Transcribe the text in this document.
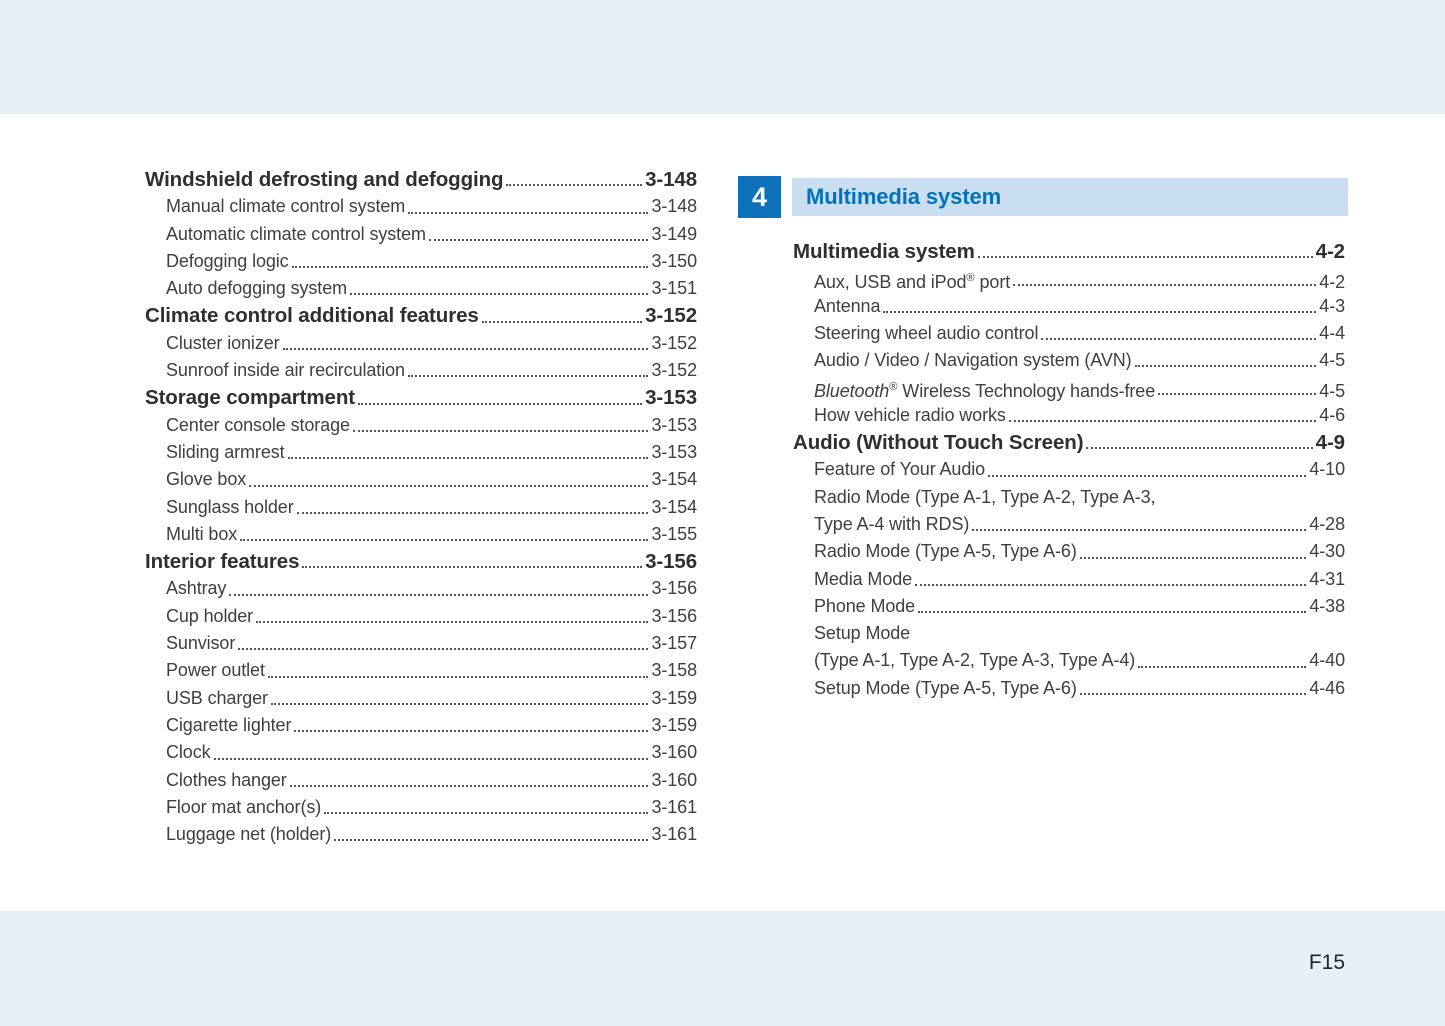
4 Multimedia system
Windshield defrosting and defogging	3-148
Manual climate control system	3-148
Automatic climate control system	3-149
Defogging logic	3-150
Auto defogging system	3-151
Climate control additional features	3-152
Cluster ionizer	3-152
Sunroof inside air recirculation	3-152
Storage compartment	3-153
Center console storage	3-153
Sliding armrest	3-153
Glove box	3-154
Sunglass holder	3-154
Multi box	3-155
Interior features	3-156
Ashtray	3-156
Cup holder	3-156
Sunvisor	3-157
Power outlet	3-158
USB charger	3-159
Cigarette lighter	3-159
Clock	3-160
Clothes hanger	3-160
Floor mat anchor(s)	3-161
Luggage net (holder)	3-161
Multimedia system	4-2
Aux, USB and iPod® port	4-2
Antenna	4-3
Steering wheel audio control	4-4
Audio / Video / Navigation system (AVN)	4-5
Bluetooth® Wireless Technology hands-free	4-5
How vehicle radio works	4-6
Audio (Without Touch Screen)	4-9
Feature of Your Audio	4-10
Radio Mode (Type A-1, Type A-2, Type A-3,
Type A-4 with RDS)	4-28
Radio Mode (Type A-5, Type A-6)	4-30
Media Mode	4-31
Phone Mode	4-38
Setup Mode
(Type A-1, Type A-2, Type A-3, Type A-4)	4-40
Setup Mode (Type A-5, Type A-6)	4-46
F15
